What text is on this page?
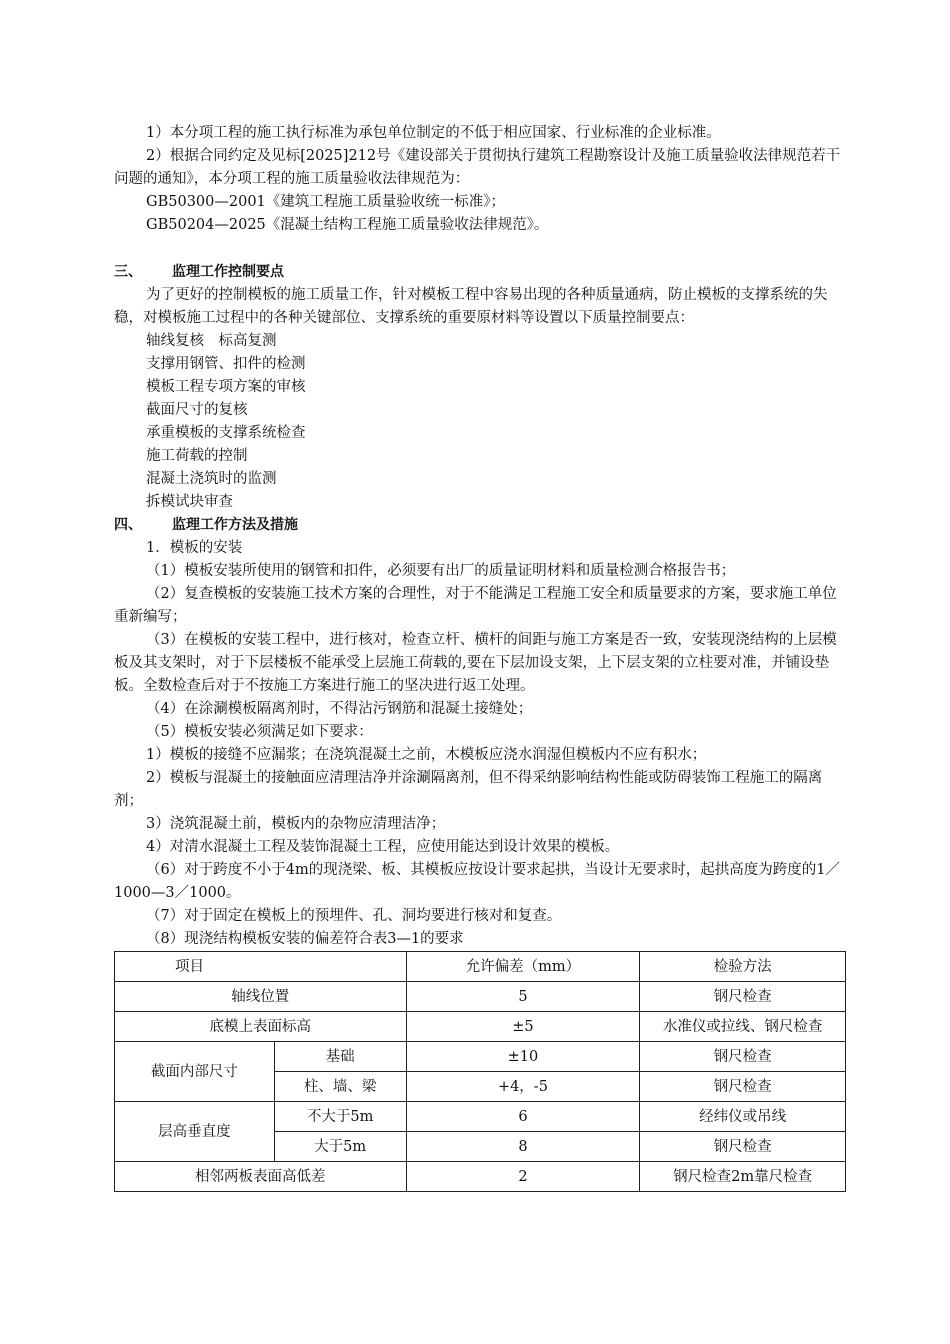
1）本分项工程的施工执行标准为承包单位制定的不低于相应国家、行业标准的企业标准。

2）根据合同约定及见标[2025]212号《建设部关于贯彻执行建筑工程勘察设计及施工质量验收法律规范若干问题的通知》，本分项工程的施工质量验收法律规范为：

GB50300—2001《建筑工程施工质量验收统一标准》；

GB50204—2025《混凝土结构工程施工质量验收法律规范》。

三、 监理工作控制要点

为了更好的控制模板的施工质量工作，针对模板工程中容易出现的各种质量通病，防止模板的支撑系统的失稳，对模板施工过程中的各种关键部位、支撑系统的重要原材料等设置以下质量控制要点：

轴线复核　标高复测

支撑用钢管、扣件的检测

模板工程专项方案的审核

截面尺寸的复核

承重模板的支撑系统检查

施工荷载的控制

混凝土浇筑时的监测

拆模试块审查

四、 监理工作方法及措施

1．模板的安装

（1）模板安装所使用的钢管和扣件，必须要有出厂的质量证明材料和质量检测合格报告书；

（2）复查模板的安装施工技术方案的合理性，对于不能满足工程施工安全和质量要求的方案，要求施工单位重新编写；

（3）在模板的安装工程中，进行核对，检查立杆、横杆的间距与施工方案是否一致，安装现浇结构的上层模板及其支架时，对于下层楼板不能承受上层施工荷载的,要在下层加设支架，上下层支架的立柱要对准，并铺设垫板。全数检查后对于不按施工方案进行施工的坚决进行返工处理。

（4）在涂涮模板隔离剂时，不得沾污钢筋和混凝土接缝处；

（5）模板安装必须满足如下要求：

1）模板的接缝不应漏浆；在浇筑混凝土之前，木模板应浇水润湿但模板内不应有积水；

2）模板与混凝土的接触面应清理洁净并涂涮隔离剂，但不得采纳影响结构性能或防碍装饰工程施工的隔离剂；

3）浇筑混凝土前，模板内的杂物应清理洁净；

4）对清水混凝土工程及装饰混凝土工程，应使用能达到设计效果的模板。

（6）对于跨度不小于4m的现浇梁、板、其模板应按设计要求起拱，当设计无要求时，起拱高度为跨度的1／1000—3／1000。

（7）对于固定在模板上的预埋件、孔、洞均要进行核对和复查。

（8）现浇结构模板安装的偏差符合表3—1的要求

项目		允许偏差（mm）	检验方法
轴线位置		5	钢尺检查
底模上表面标高		±5	水准仪或拉线、钢尺检查
截面内部尺寸	基础	±10	钢尺检查
	柱、墙、梁	+4，-5	钢尺检查
层高垂直度	不大于5m	6	经纬仪或吊线
	大于5m	8	钢尺检查
相邻两板表面高低差		2	钢尺检查2m靠尺检查
